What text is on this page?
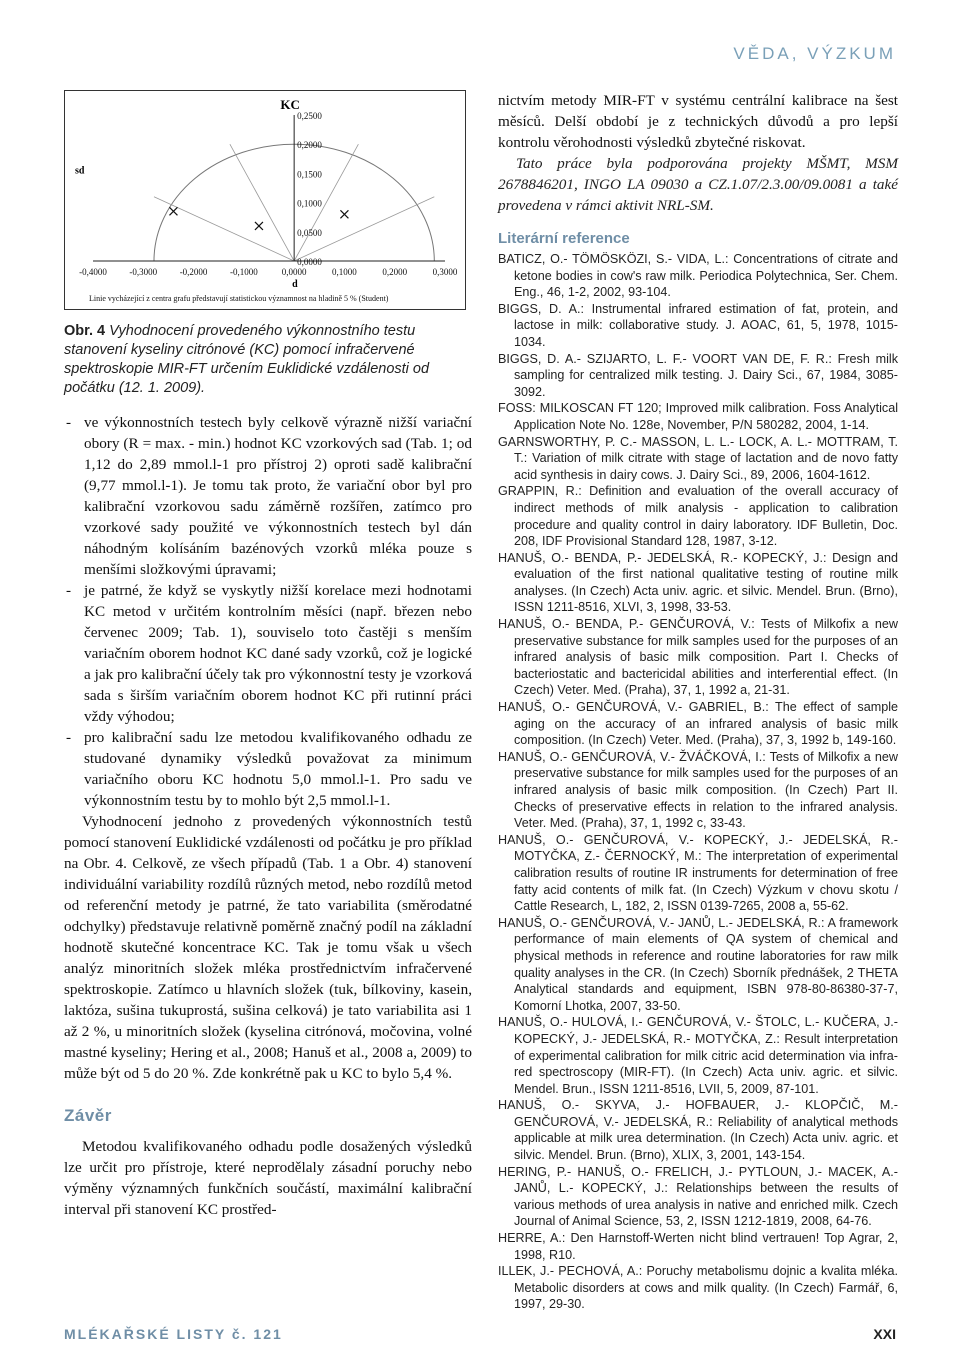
VĚDA, VÝZKUM
0,2500
0,2000
0,1500
0,1000
0,0500
0,0000
-0,4000	-0,3000	-0,2000	-0,1000	0,0000	0,1000	0,2000	0,3000
KC
sd
d
Linie vycházející z centra grafu představují statistickou významnost na hladině 5 % (Student)
Obr. 4 Vyhodnocení provedeného výkonnostního testu stanovení kyseliny citrónové (KC) pomocí infračervené spektroskopie MIR-FT určením Euklidické vzdálenosti od počátku (12. 1. 2009).
- ve výkonnostních testech byly celkově výrazně nižší variační obory (R = max. - min.) hodnot KC vzorkových sad (Tab. 1; od 1,12 do 2,89 mmol.l-1 pro přístroj 2) oproti sadě kalibrační (9,77 mmol.l-1). Je tomu tak proto, že variační obor byl pro kalibrační vzorkovou sadu záměrně rozšířen, zatímco pro vzorkové sady použité ve výkonnostních testech byl dán náhodným kolísáním bazénových vzorků mléka pouze s menšími složkovými úpravami;
- je patrné, že když se vyskytly nižší korelace mezi hodnotami KC metod v určitém kontrolním měsíci (např. březen nebo červenec 2009; Tab. 1), souviselo toto častěji s menším variačním oborem hodnot KC dané sady vzorků, což je logické a jak pro kalibrační účely tak pro výkonnostní testy je vzorková sada s širším variačním oborem hodnot KC při rutinní práci vždy výhodou;
- pro kalibrační sadu lze metodou kvalifikovaného odhadu ze studované dynamiky výsledků považovat za minimum variačního oboru KC hodnotu 5,0 mmol.l-1. Pro sadu ve výkonnostním testu by to mohlo být 2,5 mmol.l-1.

Vyhodnocení jednoho z provedených výkonnostních testů pomocí stanovení Euklidické vzdálenosti od počátku je pro příklad na Obr. 4. Celkově, ze všech případů (Tab. 1 a Obr. 4) stanovení individuální variability rozdílů různých metod, nebo rozdílů metod od referenční metody je patrné, že tato variabilita (směrodatné odchylky) představuje relativně poměrně značný podíl na základní hodnotě skutečné koncentrace KC. Tak je tomu však u všech analýz minoritních složek mléka prostřednictvím infračervené spektroskopie. Zatímco u hlavních složek (tuk, bílkoviny, kasein, laktóza, sušina tukuprostá, sušina celková) je tato variabilita asi 1 až 2 %, u minoritních složek (kyselina citrónová, močovina, volné mastné kyseliny; Hering et al., 2008; Hanuš et al., 2008 a, 2009) to může být od 5 do 20 %. Zde konkrétně pak u KC to bylo 5,4 %.

Závěr

Metodou kvalifikovaného odhadu podle dosažených výsledků lze určit pro přístroje, které neprodělaly zásadní poruchy nebo výměny významných funkčních součástí, maximální kalibrační interval při stanovení KC prostřed-

nictvím metody MIR-FT v systému centrální kalibrace na šest měsíců. Delší období je z technických důvodů a pro lepší kontrolu věrohodnosti výsledků zbytečné riskovat.

Tato práce byla podporována projekty MŠMT, MSM 2678846201, INGO LA 09030 a CZ.1.07/2.3.00/09.0081 a také provedena v rámci aktivit NRL-SM.

Literární reference
BATICZ, O.- TÖMÖSKÖZI, S.- VIDA, L.: Concentrations of citrate and ketone bodies in cow's raw milk. Periodica Polytechnica, Ser. Chem. Eng., 46, 1-2, 2002, 93-104.
BIGGS, D. A.: Instrumental infrared estimation of fat, protein, and lactose in milk: collaborative study. J. AOAC, 61, 5, 1978, 1015-1034.
BIGGS, D. A.- SZIJARTO, L. F.- VOORT VAN DE, F. R.: Fresh milk sampling for centralized milk testing. J. Dairy Sci., 67, 1984, 3085-3092.
FOSS: MILKOSCAN FT 120; Improved milk calibration. Foss Analytical Application Note No. 128e, November, P/N 580282, 2004, 1-14.
GARNSWORTHY, P. C.- MASSON, L. L.- LOCK, A. L.- MOTTRAM, T. T.: Variation of milk citrate with stage of lactation and de novo fatty acid synthesis in dairy cows. J. Dairy Sci., 89, 2006, 1604-1612.
GRAPPIN, R.: Definition and evaluation of the overall accuracy of indirect methods of milk analysis - application to calibration procedure and quality control in dairy laboratory. IDF Bulletin, Doc. 208, IDF Provisional Standard 128, 1987, 3-12.
HANUŠ, O.- BENDA, P.- JEDELSKÁ, R.- KOPECKÝ, J.: Design and evaluation of the first national qualitative testing of routine milk analyses. (In Czech) Acta univ. agric. et silvic. Mendel. Brun. (Brno), ISSN 1211-8516, XLVI, 3, 1998, 33-53.
HANUŠ, O.- BENDA, P.- GENČUROVÁ, V.: Tests of Milkofix a new preservative substance for milk samples used for the purposes of an infrared analysis of basic milk composition. Part I. Checks of bacteriostatic and bactericidal abilities and interferential effect. (In Czech) Veter. Med. (Praha), 37, 1, 1992 a, 21-31.
HANUŠ, O.- GENČUROVÁ, V.- GABRIEL, B.: The effect of sample aging on the accuracy of an infrared analysis of basic milk composition. (In Czech) Veter. Med. (Praha), 37, 3, 1992 b, 149-160.
HANUŠ, O.- GENČUROVÁ, V.- ŽVÁČKOVÁ, I.: Tests of Milkofix a new preservative substance for milk samples used for the purposes of an infrared analysis of basic milk composition. (In Czech) Part II. Checks of preservative effects in relation to the infrared analysis. Veter. Med. (Praha), 37, 1, 1992 c, 33-43.
HANUŠ, O.- GENČUROVÁ, V.- KOPECKÝ, J.- JEDELSKÁ, R.- MOTYČKA, Z.- ČERNOCKÝ, M.: The interpretation of experimental calibration results of routine IR instruments for determination of free fatty acid contents of milk fat. (In Czech) Výzkum v chovu skotu / Cattle Research, L, 182, 2, ISSN 0139-7265, 2008 a, 55-62.
HANUŠ, O.- GENČUROVÁ, V.- JANŮ, L.- JEDELSKÁ, R.: A framework performance of main elements of QA system of chemical and physical methods in reference and routine laboratories for raw milk quality analyses in the CR. (In Czech) Sborník přednášek, 2 THETA Analytical standards and equipment, ISBN 978-80-86380-37-7, Komorní Lhotka, 2007, 33-50.
HANUŠ, O.- HULOVÁ, I.- GENČUROVÁ, V.- ŠTOLC, L.- KUČERA, J.- KOPECKÝ, J.- JEDELSKÁ, R.- MOTYČKA, Z.: Result interpretation of experimental calibration for milk citric acid determination via infra-red spectroscopy (MIR-FT). (In Czech) Acta univ. agric. et silvic. Mendel. Brun., ISSN 1211-8516, LVII, 5, 2009, 87-101.
HANUŠ, O.- SKYVA, J.- HOFBAUER, J.- KLOPČIČ, M.- GENČUROVÁ, V.- JEDELSKÁ, R.: Reliability of analytical methods applicable at milk urea determination. (In Czech) Acta univ. agric. et silvic. Mendel. Brun. (Brno), XLIX, 3, 2001, 143-154.
HERING, P.- HANUŠ, O.- FRELICH, J.- PYTLOUN, J.- MACEK, A.- JANŮ, L.- KOPECKÝ, J.: Relationships between the results of various methods of urea analysis in native and enriched milk. Czech Journal of Animal Science, 53, 2, ISSN 1212-1819, 2008, 64-76.
HERRE, A.: Den Harnstoff-Werten nicht blind vertrauen! Top Agrar, 2, 1998, R10.
ILLEK, J.- PECHOVÁ, A.: Poruchy metabolismu dojnic a kvalita mléka. Metabolic disorders at cows and milk quality. (In Czech) Farmář, 6, 1997, 29-30.
MLÉKAŘSKÉ LISTY č. 121	XXI
